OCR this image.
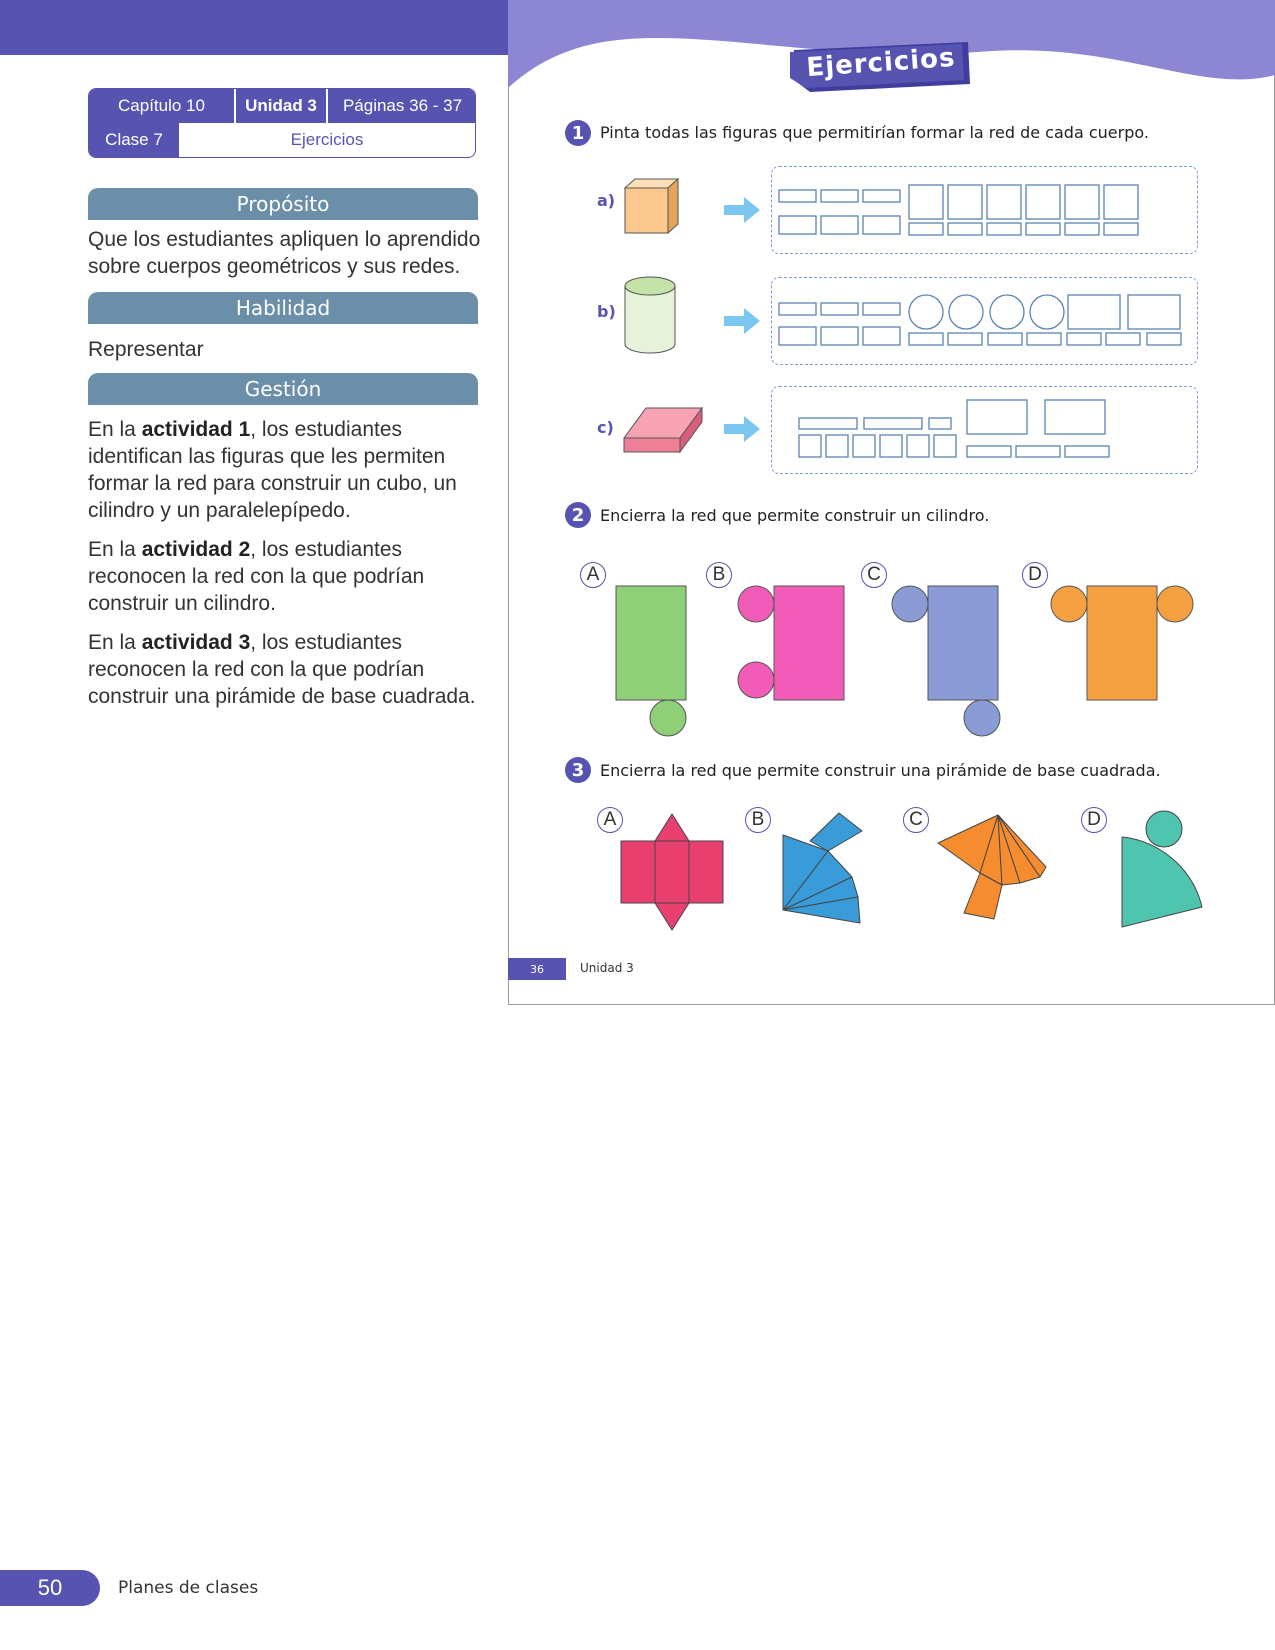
Capítulo 10	Unidad 3	Páginas 36 - 37
Clase 7	Ejercicios
Propósito
Que los estudiantes apliquen lo aprendido sobre cuerpos geométricos y sus redes.
Habilidad
Representar
Gestión
En la actividad 1, los estudiantes identifican las figuras que les permiten formar la red para construir un cubo, un cilindro y un paralelepípedo.
En la actividad 2, los estudiantes reconocen la red con la que podrían construir un cilindro.
En la actividad 3, los estudiantes reconocen la red con la que podrían construir una pirámide de base cuadrada.
Ejercicios
1 Pinta todas las figuras que permitirían formar la red de cada cuerpo.
a)
b)
c)
2 Encierra la red que permite construir un cilindro.
A	B	C	D
3 Encierra la red que permite construir una pirámide de base cuadrada.
A	B	C	D
36	Unidad 3
50	Planes de clases
